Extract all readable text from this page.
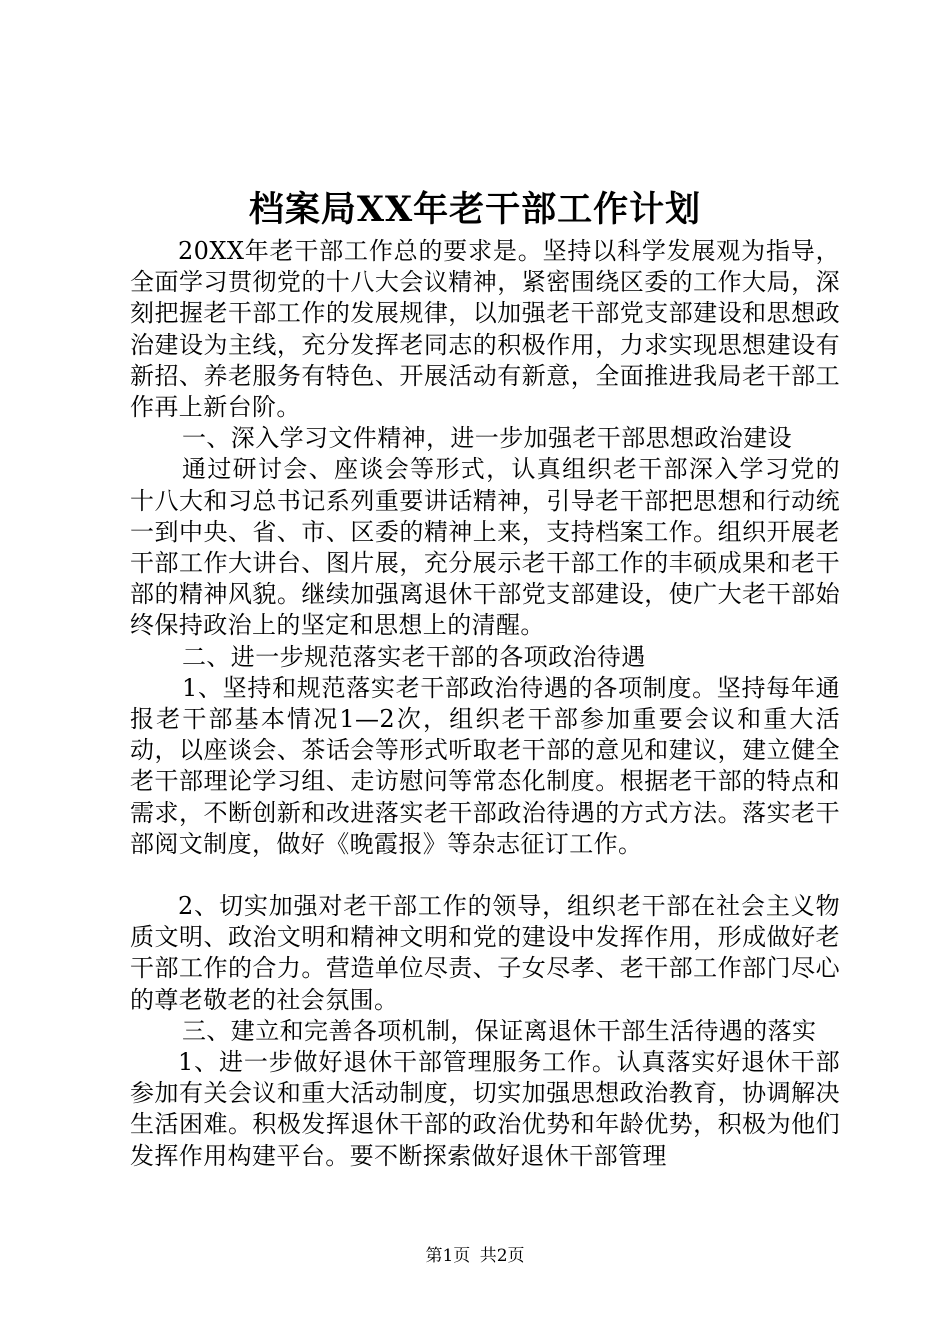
档案局XX年老干部工作计划

20XX年老干部工作总的要求是。坚持以科学发展观为指导，全面学习贯彻党的十八大会议精神，紧密围绕区委的工作大局，深刻把握老干部工作的发展规律，以加强老干部党支部建设和思想政治建设为主线，充分发挥老同志的积极作用，力求实现思想建设有新招、养老服务有特色、开展活动有新意，全面推进我局老干部工作再上新台阶。

一、深入学习文件精神，进一步加强老干部思想政治建设

通过研讨会、座谈会等形式，认真组织老干部深入学习党的十八大和习总书记系列重要讲话精神，引导老干部把思想和行动统一到中央、省、市、区委的精神上来，支持档案工作。组织开展老干部工作大讲台、图片展，充分展示老干部工作的丰硕成果和老干部的精神风貌。继续加强离退休干部党支部建设，使广大老干部始终保持政治上的坚定和思想上的清醒。

二、进一步规范落实老干部的各项政治待遇

1、坚持和规范落实老干部政治待遇的各项制度。坚持每年通报老干部基本情况1—2次，组织老干部参加重要会议和重大活动，以座谈会、茶话会等形式听取老干部的意见和建议，建立健全老干部理论学习组、走访慰问等常态化制度。根据老干部的特点和需求，不断创新和改进落实老干部政治待遇的方式方法。落实老干部阅文制度，做好《晚霞报》等杂志征订工作。

2、切实加强对老干部工作的领导，组织老干部在社会主义物质文明、政治文明和精神文明和党的建设中发挥作用，形成做好老干部工作的合力。营造单位尽责、子女尽孝、老干部工作部门尽心的尊老敬老的社会氛围。

三、建立和完善各项机制，保证离退休干部生活待遇的落实

1、进一步做好退休干部管理服务工作。认真落实好退休干部参加有关会议和重大活动制度，切实加强思想政治教育，协调解决生活困难。积极发挥退休干部的政治优势和年龄优势，积极为他们发挥作用构建平台。要不断探索做好退休干部管理

第1页 共2页
